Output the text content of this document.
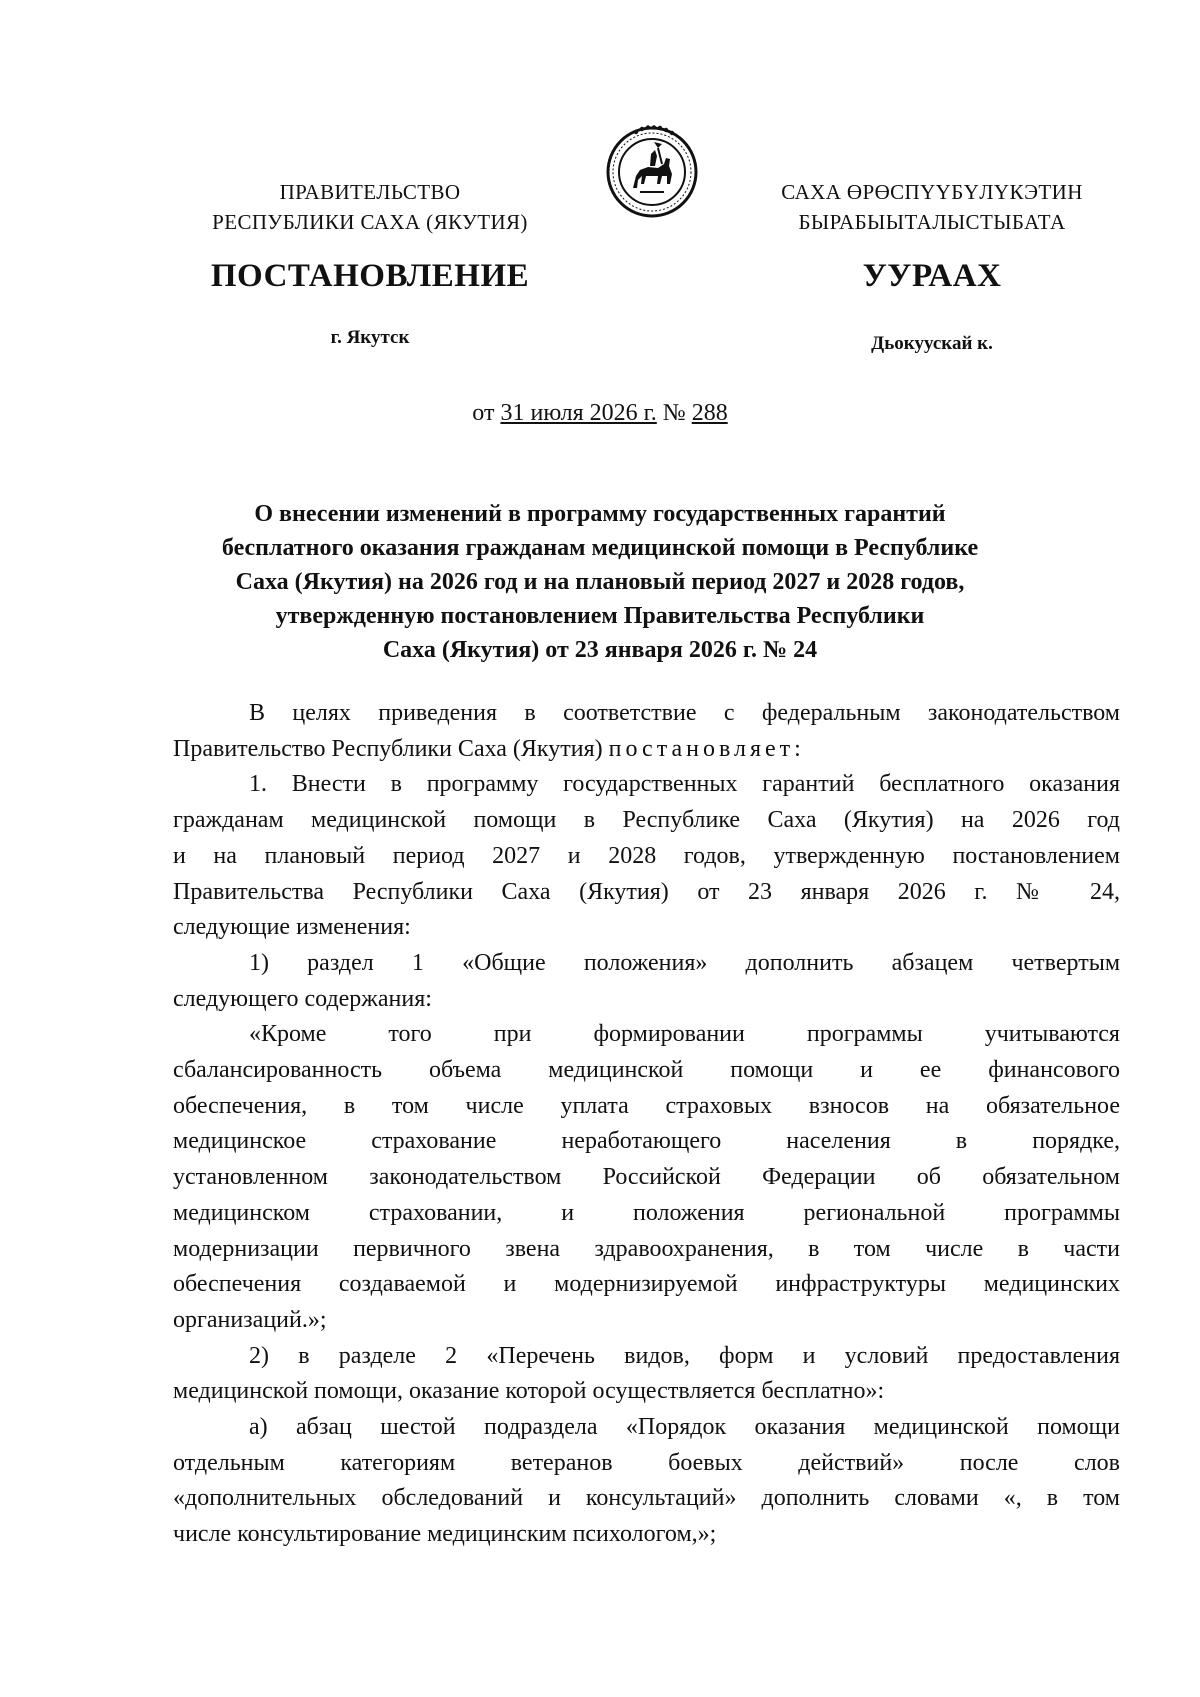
ПРАВИТЕЛЬСТВО
РЕСПУБЛИКИ САХА (ЯКУТИЯ)
САХА ӨРӨСПҮҮБҮЛҮКЭТИН
БЫРАБЫЫТАЛЫСТЫБАТА
ПОСТАНОВЛЕНИЕ	УУРААХ
г. Якутск	Дьокуускай к.
от 31 июля 2026 г. № 288
О внесении изменений в программу государственных гарантий
бесплатного оказания гражданам медицинской помощи в Республике
Саха (Якутия) на 2026 год и на плановый период 2027 и 2028 годов,
утвержденную постановлением Правительства Республики
Саха (Якутия) от 23 января 2026 г. № 24
В целях приведения в соответствие с федеральным законодательством
Правительство Республики Саха (Якутия) постановляет:
1. Внести в программу государственных гарантий бесплатного оказания
гражданам медицинской помощи в Республике Саха (Якутия) на 2026 год
и на плановый период 2027 и 2028 годов, утвержденную постановлением
Правительства Республики Саха (Якутия) от 23 января 2026 г. № 24,
следующие изменения:
1) раздел 1 «Общие положения» дополнить абзацем четвертым
следующего содержания:
«Кроме	того	при	формировании	программы	учитываются
сбалансированность объема медицинской помощи и ее финансового
обеспечения, в том числе уплата страховых взносов на обязательное
медицинское страхование неработающего населения в порядке,
установленном законодательством Российской Федерации об обязательном
медицинском страховании, и положения региональной программы
модернизации первичного звена здравоохранения, в том числе в части
обеспечения создаваемой и модернизируемой инфраструктуры медицинских
организаций.»;
2) в разделе 2 «Перечень видов, форм и условий предоставления
медицинской помощи, оказание которой осуществляется бесплатно»:
а) абзац шестой подраздела «Порядок оказания медицинской помощи
отдельным категориям ветеранов боевых действий» после слов
«дополнительных обследований и консультаций» дополнить словами «, в том
числе консультирование медицинским психологом,»;
